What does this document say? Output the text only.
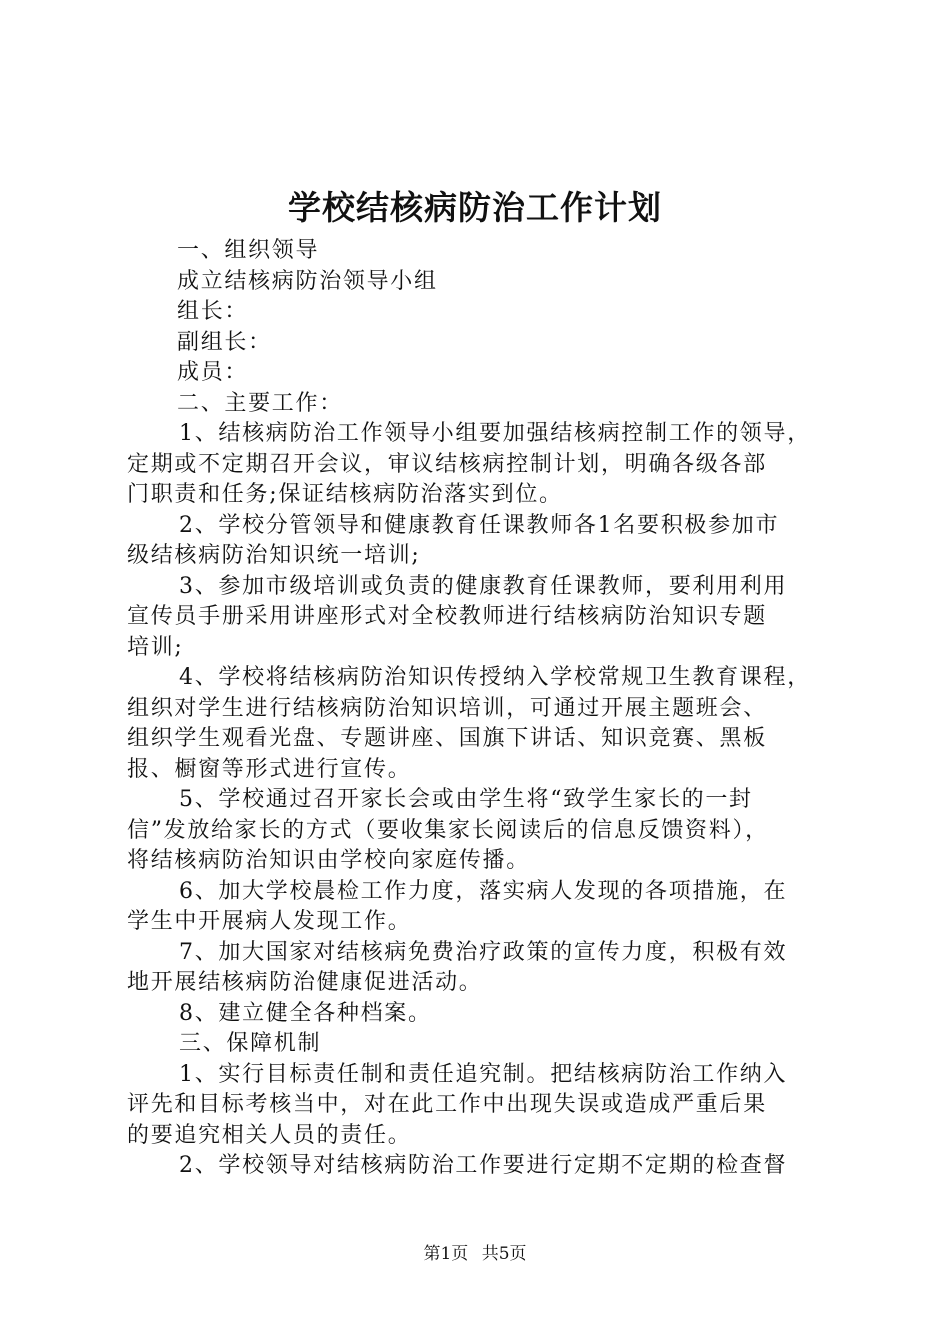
学校结核病防治工作计划
一、组织领导
成立结核病防治领导小组
组长：
副组长：
成员：
二、主要工作：
1、结核病防治工作领导小组要加强结核病控制工作的领导，
定期或不定期召开会议，审议结核病控制计划，明确各级各部
门职责和任务;保证结核病防治落实到位。
2、学校分管领导和健康教育任课教师各1名要积极参加市
级结核病防治知识统一培训;
3、参加市级培训或负责的健康教育任课教师，要利用利用
宣传员手册采用讲座形式对全校教师进行结核病防治知识专题
培训;
4、学校将结核病防治知识传授纳入学校常规卫生教育课程，
组织对学生进行结核病防治知识培训，可通过开展主题班会、
组织学生观看光盘、专题讲座、国旗下讲话、知识竞赛、黑板
报、橱窗等形式进行宣传。
5、学校通过召开家长会或由学生将“致学生家长的一封
信”发放给家长的方式（要收集家长阅读后的信息反馈资料），
将结核病防治知识由学校向家庭传播。
6、加大学校晨检工作力度，落实病人发现的各项措施，在
学生中开展病人发现工作。
7、加大国家对结核病免费治疗政策的宣传力度，积极有效
地开展结核病防治健康促进活动。
8、建立健全各种档案。
三、保障机制
1、实行目标责任制和责任追究制。把结核病防治工作纳入
评先和目标考核当中，对在此工作中出现失误或造成严重后果
的要追究相关人员的责任。
2、学校领导对结核病防治工作要进行定期不定期的检查督
第1页 共5页
